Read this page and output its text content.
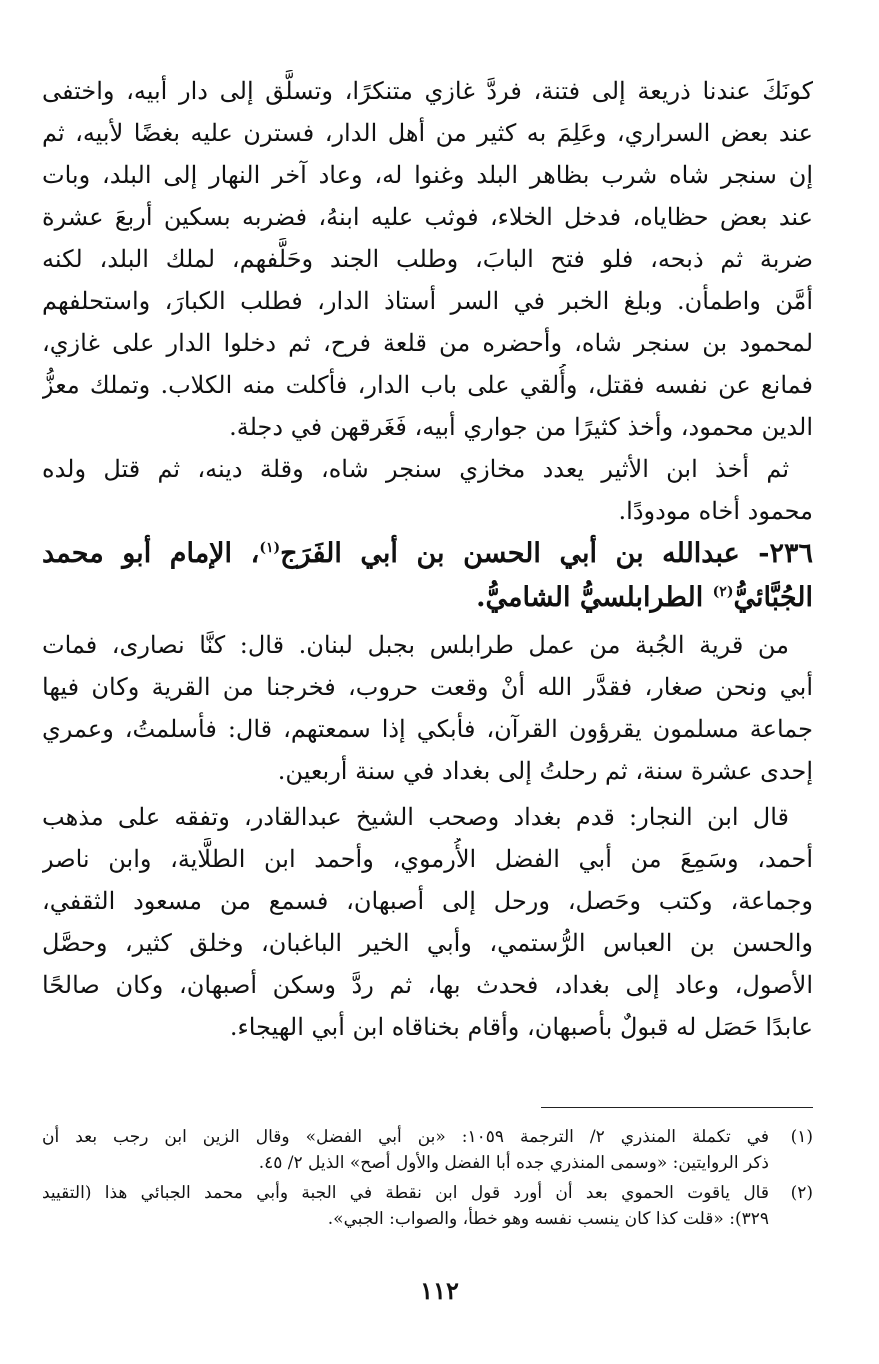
كونَكَ عندنا ذريعة إلى فتنة، فردَّ غازي متنكرًا، وتسلَّق إلى دار أبيه، واختفى
عند بعض السراري، وعَلِمَ به كثير من أهل الدار، فسترن عليه بغضًا لأبيه، ثم
إن سنجر شاه شرب بظاهر البلد وغنوا له، وعاد آخر النهار إلى البلد، وبات
عند بعض حظاياه، فدخل الخلاء، فوثب عليه ابنهُ، فضربه بسكين أربعَ عشرة
ضربة ثم ذبحه، فلو فتح البابَ، وطلب الجند وحَلَّفهم، لملك البلد، لكنه
أمَّن واطمأن. وبلغ الخبر في السر أستاذ الدار، فطلب الكبارَ، واستحلفهم
لمحمود بن سنجر شاه، وأحضره من قلعة فرح، ثم دخلوا الدار على غازي،
فمانع عن نفسه فقتل، وأُلقي على باب الدار، فأكلت منه الكلاب. وتملك معزُّ
الدين محمود، وأخذ كثيرًا من جواري أبيه، فَغَرقهن في دجلة.
ثم أخذ ابن الأثير يعدد مخازي سنجر شاه، وقلة دينه، ثم قتل ولده
محمود أخاه مودودًا.
٢٣٦- عبدالله بن أبي الحسن بن أبي الفَرَج$^{(١)}$، الإمام أبو محمد
الجُبَّائيُّ$^{(٢)}$ الطرابلسيُّ الشاميُّ.
من قرية الجُبة من عمل طرابلس بجبل لبنان. قال: كنَّا نصارى، فمات
أبي ونحن صغار، فقدَّر الله أنْ وقعت حروب، فخرجنا من القرية وكان فيها
جماعة مسلمون يقرؤون القرآن، فأبكي إذا سمعتهم، قال: فأسلمتُ، وعمري
إحدى عشرة سنة، ثم رحلتُ إلى بغداد في سنة أربعين.
قال ابن النجار: قدم بغداد وصحب الشيخ عبدالقادر، وتفقه على مذهب
أحمد، وسَمِعَ من أبي الفضل الأُرموي، وأحمد ابن الطلَّاية، وابن ناصر
وجماعة، وكتب وحَصل، ورحل إلى أصبهان، فسمع من مسعود الثقفي،
والحسن بن العباس الرُّستمي، وأبي الخير الباغبان، وخلق كثير، وحصَّل
الأصول، وعاد إلى بغداد، فحدث بها، ثم ردَّ وسكن أصبهان، وكان صالحًا
عابدًا حَصَل له قبولٌ بأصبهان، وأقام بخناقاه ابن أبي الهيجاء.
(١)
في تكملة المنذري ٢/ الترجمة ١٠٥٩: «بن أبي الفضل» وقال الزين ابن رجب بعد أن
ذكر الروايتين: «وسمى المنذري جده أبا الفضل والأول أصح» الذيل ٢/ ٤٥.
(٢)
قال ياقوت الحموي بعد أن أورد قول ابن نقطة في الجبة وأبي محمد الجبائي هذا (التقييد
٣٢٩): «قلت كذا كان ينسب نفسه وهو خطأ، والصواب: الجبي».
١١٢
